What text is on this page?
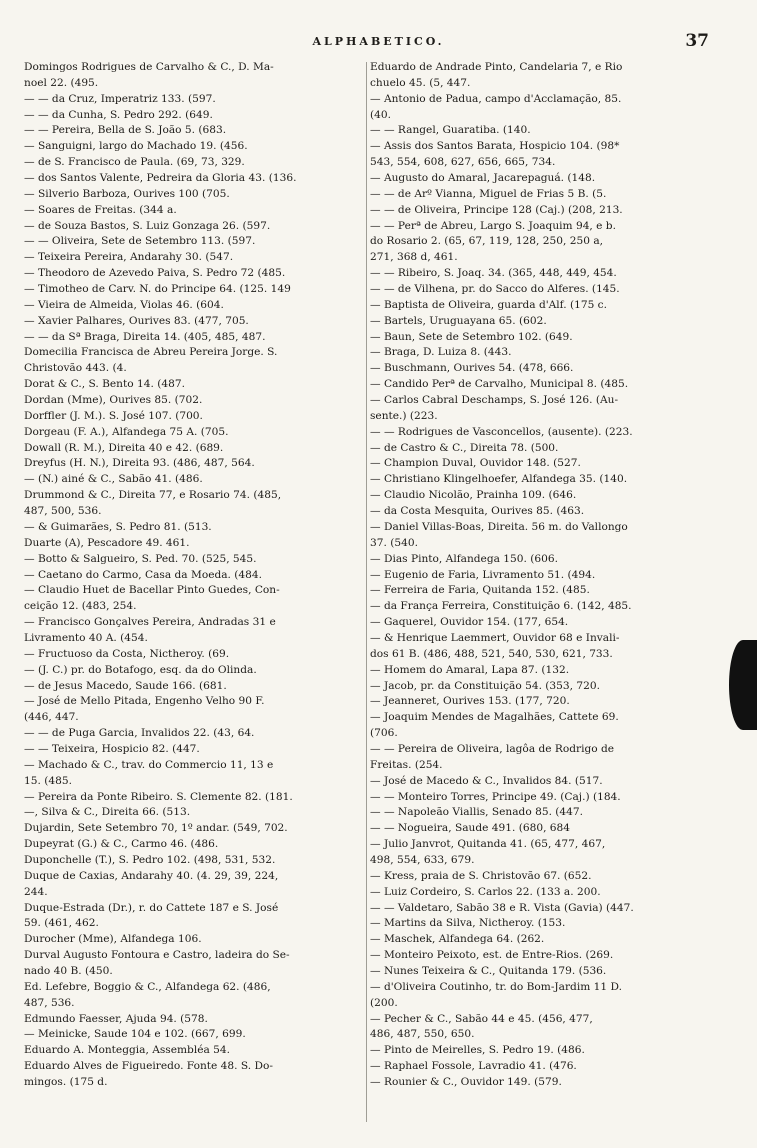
ALPHABETICO.	37
Domingos Rodrigues de Carvalho & C., D. Ma-
noel 22. (495.
— — da Cruz, Imperatriz 133. (597.
— — da Cunha, S. Pedro 292. (649.
— — Pereira, Bella de S. João 5. (683.
— Sanguigni, largo do Machado 19. (456.
— de S. Francisco de Paula. (69, 73, 329.
— dos Santos Valente, Pedreira da Gloria 43. (136.
— Silverio Barboza, Ourives 100 (705.
— Soares de Freitas. (344 a.
— de Souza Bastos, S. Luiz Gonzaga 26. (597.
— — Oliveira, Sete de Setembro 113. (597.
— Teixeira Pereira, Andarahy 30. (547.
— Theodoro de Azevedo Paiva, S. Pedro 72 (485.
— Timotheo de Carv. N. do Principe 64. (125. 149
— Vieira de Almeida, Violas 46. (604.
— Xavier Palhares, Ourives 83. (477, 705.
— — da Sª Braga, Direita 14. (405, 485, 487.
Domecilia Francisca de Abreu Pereira Jorge. S.
Christovão 443. (4.
Dorat & C., S. Bento 14. (487.
Dordan (Mme), Ourives 85. (702.
Dorffler (J. M.). S. José 107. (700.
Dorgeau (F. A.), Alfandega 75 A. (705.
Dowall (R. M.), Direita 40 e 42. (689.
Dreyfus (H. N.), Direita 93. (486, 487, 564.
— (N.) ainé & C., Sabão 41. (486.
Drummond & C., Direita 77, e Rosario 74. (485,
487, 500, 536.
— & Guimarães, S. Pedro 81. (513.
Duarte (A), Pescadore 49. 461.
— Botto & Salgueiro, S. Ped. 70. (525, 545.
— Caetano do Carmo, Casa da Moeda. (484.
— Claudio Huet de Bacellar Pinto Guedes, Con-
ceição 12. (483, 254.
— Francisco Gonçalves Pereira, Andradas 31 e
Livramento 40 A. (454.
— Fructuoso da Costa, Nictheroy. (69.
— (J. C.) pr. do Botafogo, esq. da do Olinda.
— de Jesus Macedo, Saude 166. (681.
— José de Mello Pitada, Engenho Velho 90 F.
(446, 447.
— — de Puga Garcia, Invalidos 22. (43, 64.
— — Teixeira, Hospicio 82. (447.
— Machado & C., trav. do Commercio 11, 13 e
15. (485.
— Pereira da Ponte Ribeiro. S. Clemente 82. (181.
—, Silva & C., Direita 66. (513.
Dujardin, Sete Setembro 70, 1º andar. (549, 702.
Dupeyrat (G.) & C., Carmo 46. (486.
Duponchelle (T.), S. Pedro 102. (498, 531, 532.
Duque de Caxias, Andarahy 40. (4. 29, 39, 224,
244.
Duque-Estrada (Dr.), r. do Cattete 187 e S. José
59. (461, 462.
Durocher (Mme), Alfandega 106.
Durval Augusto Fontoura e Castro, ladeira do Se-
nado 40 B. (450.
Ed. Lefebre, Boggio & C., Alfandega 62. (486,
487, 536.
Edmundo Faesser, Ajuda 94. (578.
— Meinicke, Saude 104 e 102. (667, 699.
Eduardo A. Monteggia, Assembléa 54.
Eduardo Alves de Figueiredo. Fonte 48. S. Do-
mingos. (175 d.
Eduardo de Andrade Pinto, Candelaria 7, e Rio
chuelo 45. (5, 447.
— Antonio de Padua, campo d'Acclamação, 85.
(40.
— — Rangel, Guaratiba. (140.
— Assis dos Santos Barata, Hospicio 104. (98*
543, 554, 608, 627, 656, 665, 734.
— Augusto do Amaral, Jacarepaguá. (148.
— — de Arº Vianna, Miguel de Frias 5 B. (5.
— — de Oliveira, Principe 128 (Caj.) (208, 213.
— — Perª de Abreu, Largo S. Joaquim 94, e b.
do Rosario 2. (65, 67, 119, 128, 250, 250 a,
271, 368 d, 461.
— — Ribeiro, S. Joaq. 34. (365, 448, 449, 454.
— — de Vilhena, pr. do Sacco do Alferes. (145.
— Baptista de Oliveira, guarda d'Alf. (175 c.
— Bartels, Uruguayana 65. (602.
— Baun, Sete de Setembro 102. (649.
— Braga, D. Luiza 8. (443.
— Buschmann, Ourives 54. (478, 666.
— Candido Perª de Carvalho, Municipal 8. (485.
— Carlos Cabral Deschamps, S. José 126. (Au-
sente.) (223.
— — Rodrigues de Vasconcellos, (ausente). (223.
— de Castro & C., Direita 78. (500.
— Champion Duval, Ouvidor 148. (527.
— Christiano Klingelhoefer, Alfandega 35. (140.
— Claudio Nicolão, Prainha 109. (646.
— da Costa Mesquita, Ourives 85. (463.
— Daniel Villas-Boas, Direita. 56 m. do Vallongo
37. (540.
— Dias Pinto, Alfandega 150. (606.
— Eugenio de Faria, Livramento 51. (494.
— Ferreira de Faria, Quitanda 152. (485.
— da França Ferreira, Constituição 6. (142, 485.
— Gaquerel, Ouvidor 154. (177, 654.
— & Henrique Laemmert, Ouvidor 68 e Invali-
dos 61 B. (486, 488, 521, 540, 530, 621, 733.
— Homem do Amaral, Lapa 87. (132.
— Jacob, pr. da Constituição 54. (353, 720.
— Jeanneret, Ourives 153. (177, 720.
— Joaquim Mendes de Magalhães, Cattete 69.
(706.
— — Pereira de Oliveira, lagôa de Rodrigo de
Freitas. (254.
— José de Macedo & C., Invalidos 84. (517.
— — Monteiro Torres, Principe 49. (Caj.) (184.
— — Napoleão Viallis, Senado 85. (447.
— — Nogueira, Saude 491. (680, 684
— Julio Janvrot, Quitanda 41. (65, 477, 467,
498, 554, 633, 679.
— Kress, praia de S. Christovão 67. (652.
— Luiz Cordeiro, S. Carlos 22. (133 a. 200.
— — Valdetaro, Sabão 38 e R. Vista (Gavia) (447.
— Martins da Silva, Nictheroy. (153.
— Maschek, Alfandega 64. (262.
— Monteiro Peixoto, est. de Entre-Rios. (269.
— Nunes Teixeira & C., Quitanda 179. (536.
— d'Oliveira Coutinho, tr. do Bom-Jardim 11 D.
(200.
— Pecher & C., Sabão 44 e 45. (456, 477,
486, 487, 550, 650.
— Pinto de Meirelles, S. Pedro 19. (486.
— Raphael Fossole, Lavradio 41. (476.
— Rounier & C., Ouvidor 149. (579.
